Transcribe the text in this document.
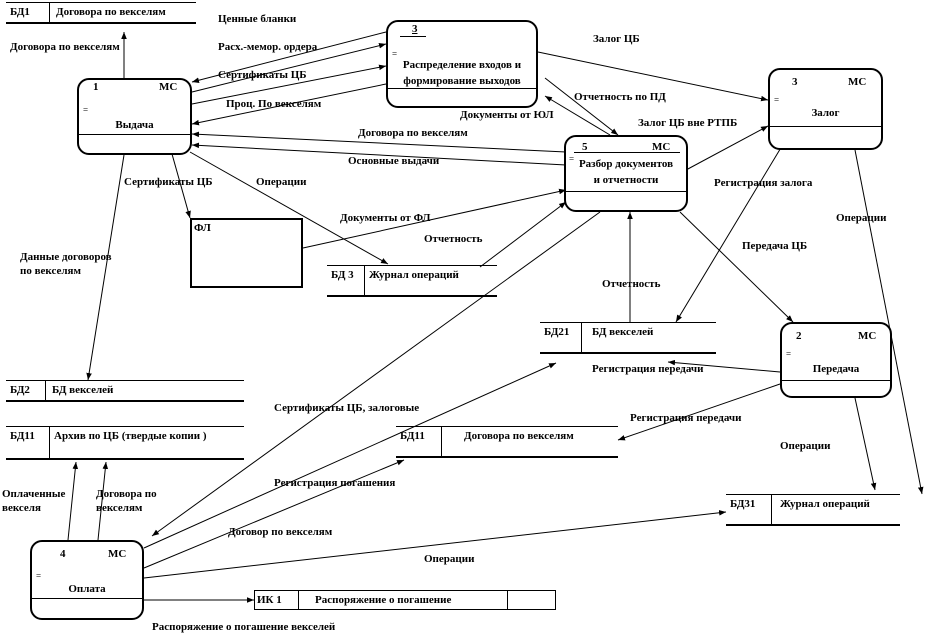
1	МС
=
Выдача
3
=
Распределение входов и
формирование выходов	3	МС
=
Залог
5	МС
= Разбор документов
и отчетности
2	МС
=
Передача
4	МС
=
Оплата
БД1	Договора по векселям
БД2	БД векселей
БД11	Архив по ЦБ (твердые копии )
БД 3	Журнал операций
БД21	БД векселей
БД11	Договора по векселям
БД31	Журнал операций
ИК 1	Распоряжение о погашение
ФЛ
Ценные бланки
Договора по векселям	Расх.-мемор. ордера
Сертификаты ЦБ
Проц. По векселям
Документы от ЮЛ
Залог ЦБ
Отчетность по ПД
Залог ЦБ вне РТПБ
Договора по векселям
Основные выдачи
Сертификаты ЦБ	Операции
Документы от ФЛ
Отчетность
Регистрация залога
Операции
Данные договоров
по векселям
Передача ЦБ
Отчетность
Сертификаты ЦБ, залоговые
Регистрация передачи
Регистрация передачи
Операции
Регистрация погашения
Оплаченные
векселя
Договора по
векселям
Договор по векселям
Операции
Распоряжение о погашение векселей
